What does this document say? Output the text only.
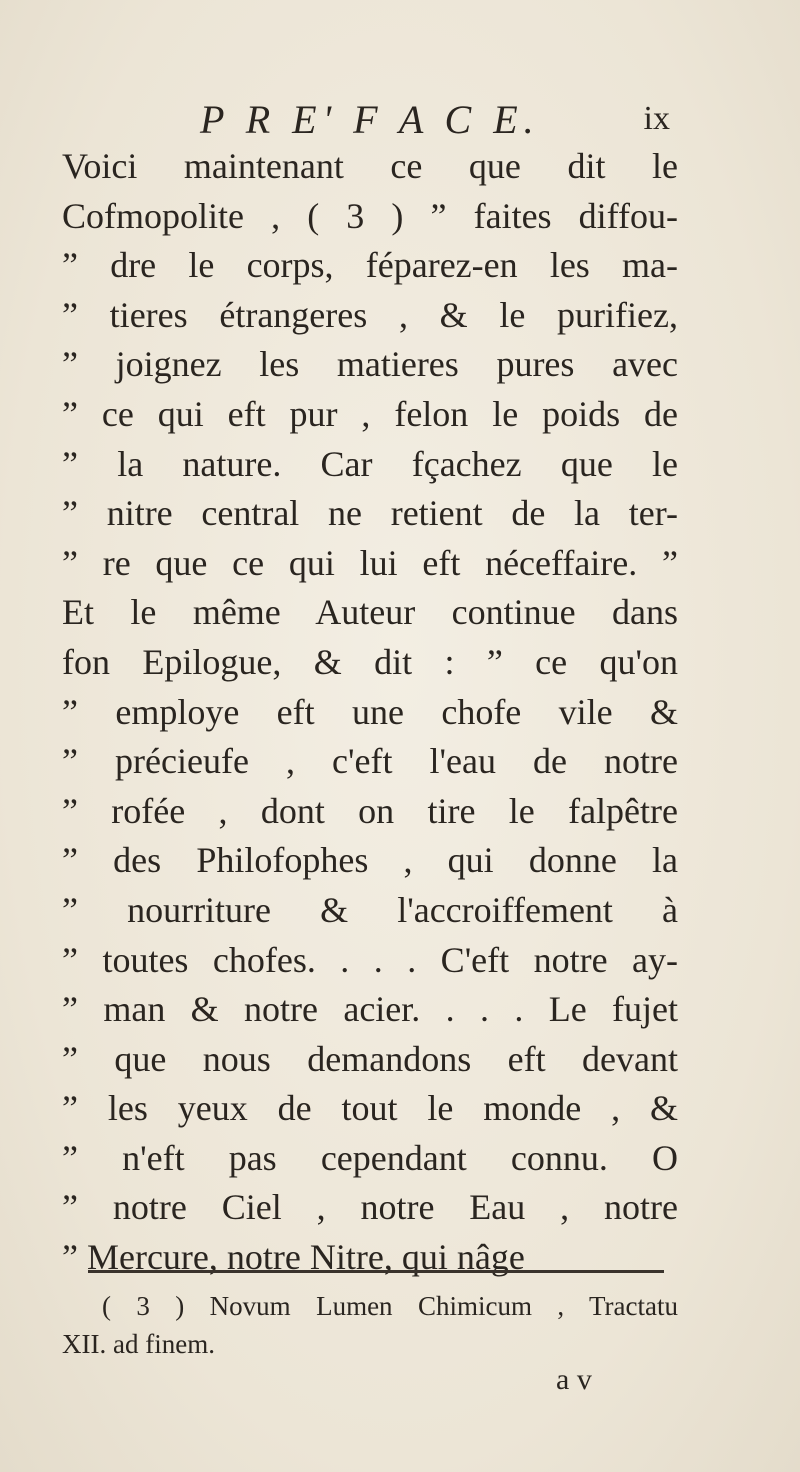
P R E' F A C E.	ix
Voici maintenant ce que dit le
Cofmopolite , ( 3 ) ” faites diffou-
” dre le corps, féparez-en les ma-
” tieres étrangeres , & le purifiez,
” joignez les matieres pures avec
” ce qui eft pur , felon le poids de
” la nature. Car fçachez que le
” nitre central ne retient de la ter-
” re que ce qui lui eft néceffaire. ”
Et le même Auteur continue dans
fon Epilogue, & dit : ” ce qu'on
” employe eft une chofe vile &
” précieufe , c'eft l'eau de notre
” rofée , dont on tire le falpêtre
” des Philofophes , qui donne la
” nourriture & l'accroiffement à
” toutes chofes. . . . C'eft notre ay-
” man & notre acier. . . . Le fujet
” que nous demandons eft devant
” les yeux de tout le monde , &
” n'eft pas cependant connu. O
” notre Ciel , notre Eau , notre
” Mercure, notre Nitre, qui nâge
( 3 ) Novum Lumen Chimicum , Tractatu
XII. ad finem.
a v
